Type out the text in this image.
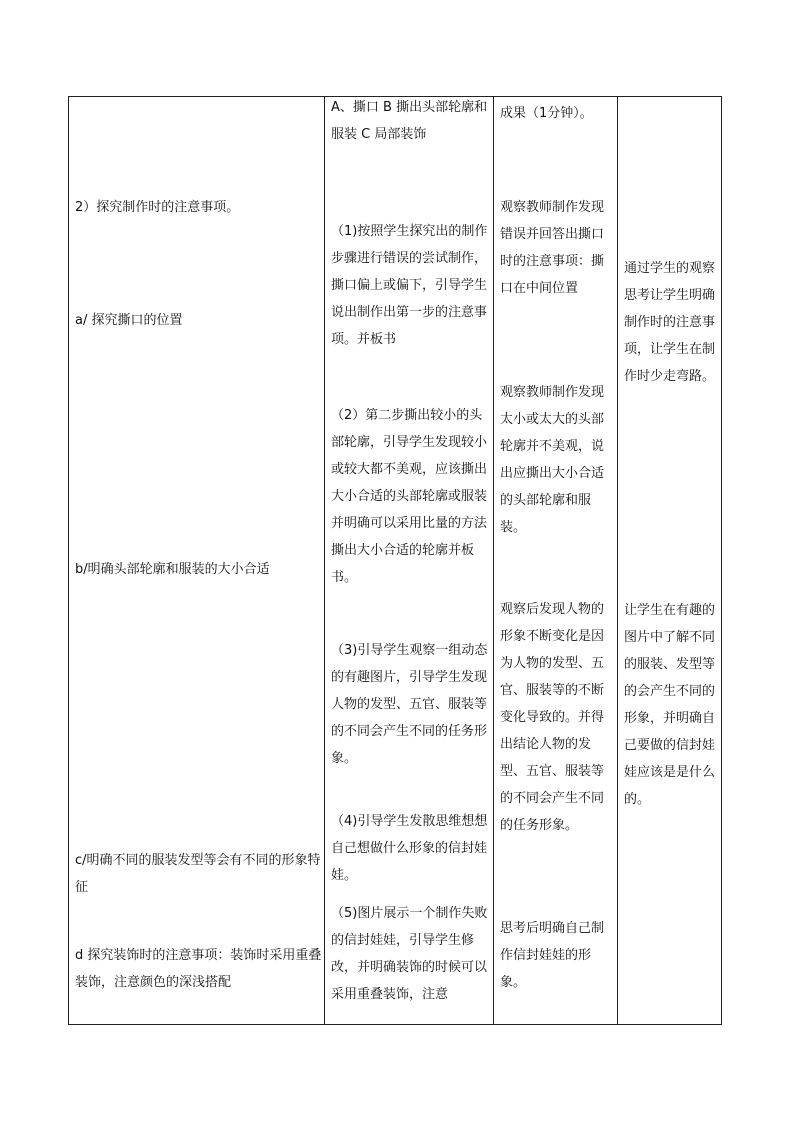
2）探究制作时的注意事项。
a/ 探究撕口的位置
b/明确头部轮廓和服装的大小合适
c/明确不同的服装发型等会有不同的形象特征
d 探究装饰时的注意事项：装饰时采用重叠装饰，注意颜色的深浅搭配
A、撕口 B 撕出头部轮廓和服装 C 局部装饰
（1)按照学生探究出的制作步骤进行错误的尝试制作，撕口偏上或偏下，引导学生说出制作出第一步的注意事项。并板书
（2）第二步撕出较小的头部轮廓，引导学生发现较小或较大都不美观，应该撕出大小合适的头部轮廓或服装并明确可以采用比量的方法撕出大小合适的轮廓并板书。
（3)引导学生观察一组动态的有趣图片，引导学生发现人物的发型、五官、服装等的不同会产生不同的任务形象。
（4)引导学生发散思维想想自己想做什么形象的信封娃娃。
（5)图片展示一个制作失败的信封娃娃，引导学生修改，并明确装饰的时候可以采用重叠装饰，注意
成果（1分钟）。
观察教师制作发现错误并回答出撕口时的注意事项：撕口在中间位置
观察教师制作发现太小或太大的头部轮廓并不美观，说出应撕出大小合适的头部轮廓和服装。
观察后发现人物的形象不断变化是因为人物的发型、五官、服装等的不断变化导致的。并得出结论人物的发型、五官、服装等的不同会产生不同的任务形象。
思考后明确自己制作信封娃娃的形象。
通过学生的观察思考让学生明确制作时的注意事项，让学生在制作时少走弯路。
让学生在有趣的图片中了解不同的服装、发型等的会产生不同的形象，并明确自己要做的信封娃娃应该是是什么的。
